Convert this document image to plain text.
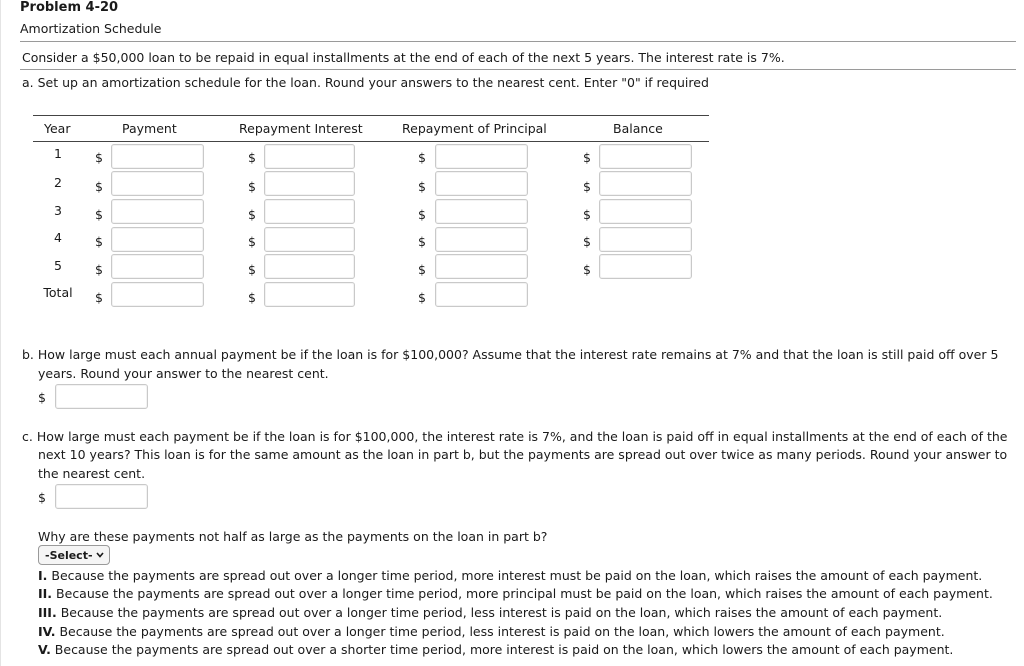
Problem 4-20
Amortization Schedule
Consider a $50,000 loan to be repaid in equal installments at the end of each of the next 5 years. The interest rate is 7%.
a. Set up an amortization schedule for the loan. Round your answers to the nearest cent. Enter "0" if required
Year	Payment	Repayment Interest	Repayment of Principal	Balance
1	$	$	$	$
2	$	$	$	$
3	$	$	$	$
4	$	$	$	$
5	$	$	$	$
Total	$	$	$
b. How large must each annual payment be if the loan is for $100,000? Assume that the interest rate remains at 7% and that the loan is still paid off over 5
years. Round your answer to the nearest cent.
$
c. How large must each payment be if the loan is for $100,000, the interest rate is 7%, and the loan is paid off in equal installments at the end of each of the
next 10 years? This loan is for the same amount as the loan in part b, but the payments are spread out over twice as many periods. Round your answer to
the nearest cent.
$
Why are these payments not half as large as the payments on the loan in part b?
-Select-
I. Because the payments are spread out over a longer time period, more interest must be paid on the loan, which raises the amount of each payment.
II. Because the payments are spread out over a longer time period, more principal must be paid on the loan, which raises the amount of each payment.
III. Because the payments are spread out over a longer time period, less interest is paid on the loan, which raises the amount of each payment.
IV. Because the payments are spread out over a longer time period, less interest is paid on the loan, which lowers the amount of each payment.
V. Because the payments are spread out over a shorter time period, more interest is paid on the loan, which lowers the amount of each payment.
